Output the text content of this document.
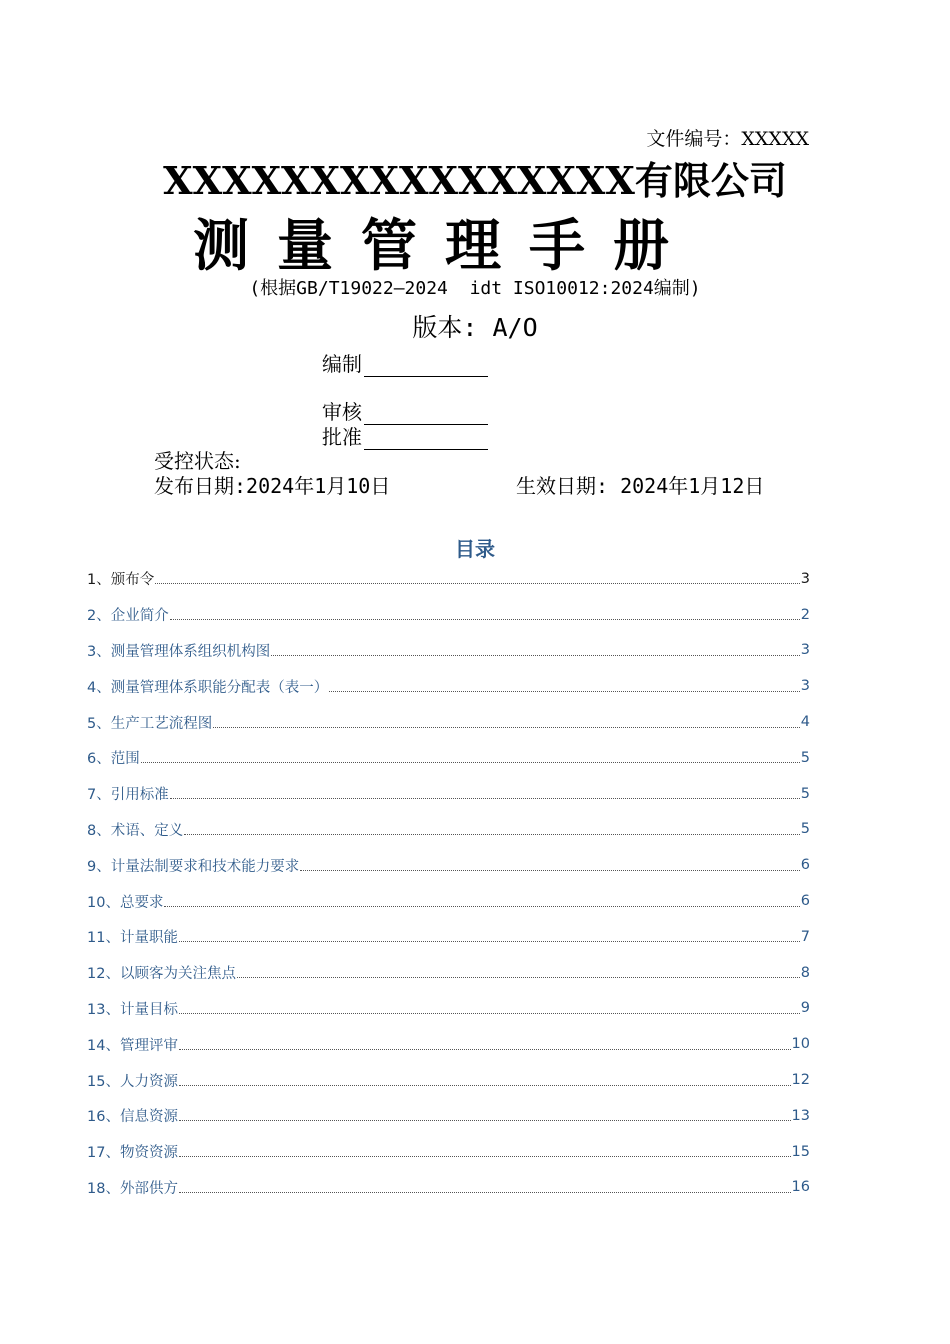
文件编号：XXXXX
XXXXXXXXXXXXXXXX有限公司
测量管理手册
(根据GB/T19022—2024  idt ISO10012:2024编制)
版本: A/O
编制
审核
批准
受控状态:
发布日期:2024年1月10日	生效日期: 2024年1月12日
目录
1、颁布令	3
2、企业简介	2
3、测量管理体系组织机构图	3
4、测量管理体系职能分配表（表一）	3
5、生产工艺流程图	4
6、范围	5
7、引用标准	5
8、术语、定义	5
9、计量法制要求和技术能力要求	6
10、总要求	6
11、计量职能	7
12、以顾客为关注焦点	8
13、计量目标	9
14、管理评审	10
15、人力资源	12
16、信息资源	13
17、物资资源	15
18、外部供方	16
